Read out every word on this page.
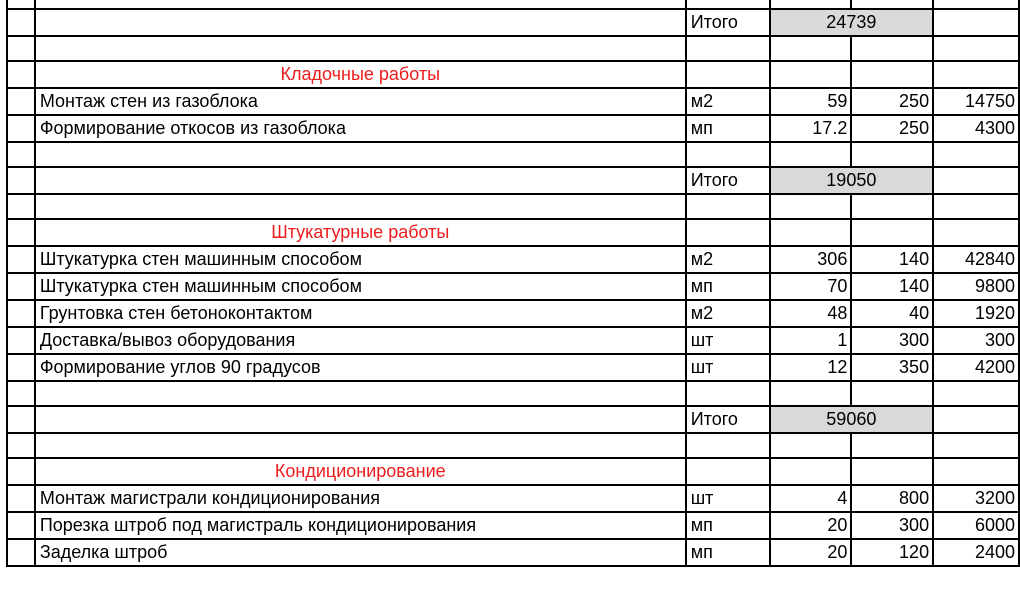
		Итого	24739		

	Кладочные работы				
	Монтаж стен из газоблока	м2	59	250	14750
	Формирование откосов из газоблока	мп	17.2	250	4300

		Итого	19050		

	Штукатурные работы				
	Штукатурка стен машинным способом	м2	306	140	42840
	Штукатурка стен машинным способом	мп	70	140	9800
	Грунтовка стен бетоноконтактом	м2	48	40	1920
	Доставка/вывоз оборудования	шт	1	300	300
	Формирование углов 90 градусов	шт	12	350	4200

		Итого	59060		

	Кондиционирование				
	Монтаж магистрали кондиционирования	шт	4	800	3200
	Порезка штроб под магистраль кондиционирования	мп	20	300	6000
	Заделка штроб	мп	20	120	2400
